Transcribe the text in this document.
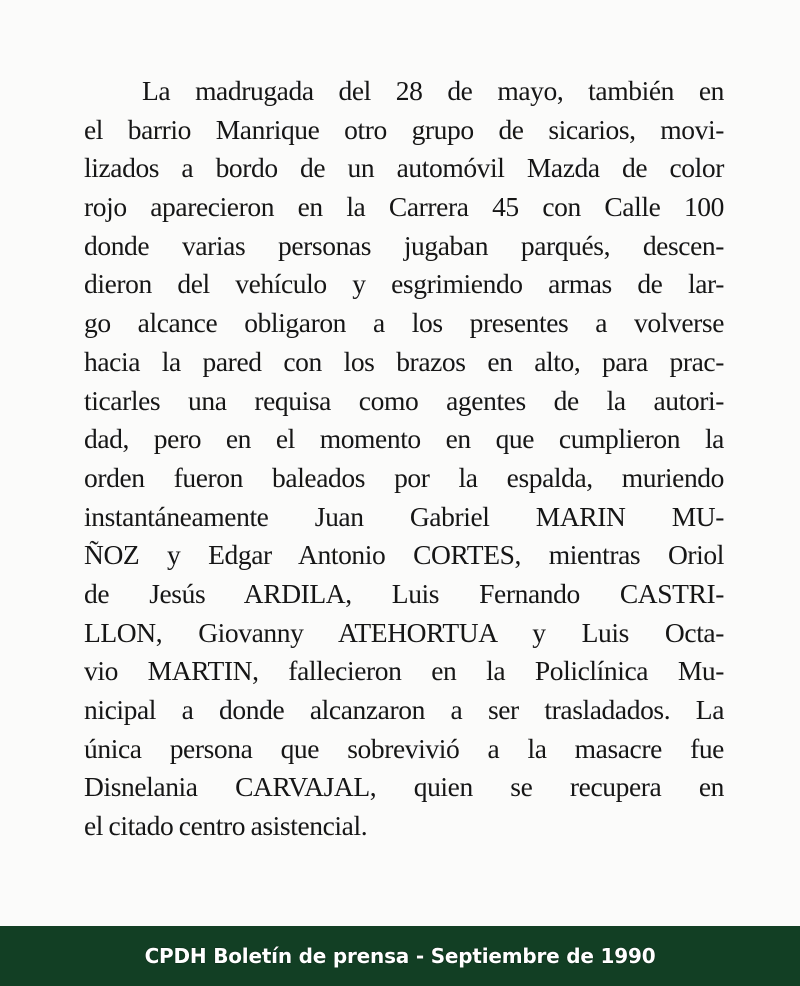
La madrugada del 28 de mayo, también en
el barrio Manrique otro grupo de sicarios, movi-
lizados a bordo de un automóvil Mazda de color
rojo aparecieron en la Carrera 45 con Calle 100
donde varias personas jugaban parqués, descen-
dieron del vehículo y esgrimiendo armas de lar-
go alcance obligaron a los presentes a volverse
hacia la pared con los brazos en alto, para prac-
ticarles una requisa como agentes de la autori-
dad, pero en el momento en que cumplieron la
orden fueron baleados por la espalda, muriendo
instantáneamente Juan Gabriel MARIN MU-
ÑOZ y Edgar Antonio CORTES, mientras Oriol
de Jesús ARDILA, Luis Fernando CASTRI-
LLON, Giovanny ATEHORTUA y Luis Octa-
vio MARTIN, fallecieron en la Policlínica Mu-
nicipal a donde alcanzaron a ser trasladados. La
única persona que sobrevivió a la masacre fue
Disnelania CARVAJAL, quien se recupera en
el citado centro asistencial.
CPDH Boletín de prensa - Septiembre de 1990
